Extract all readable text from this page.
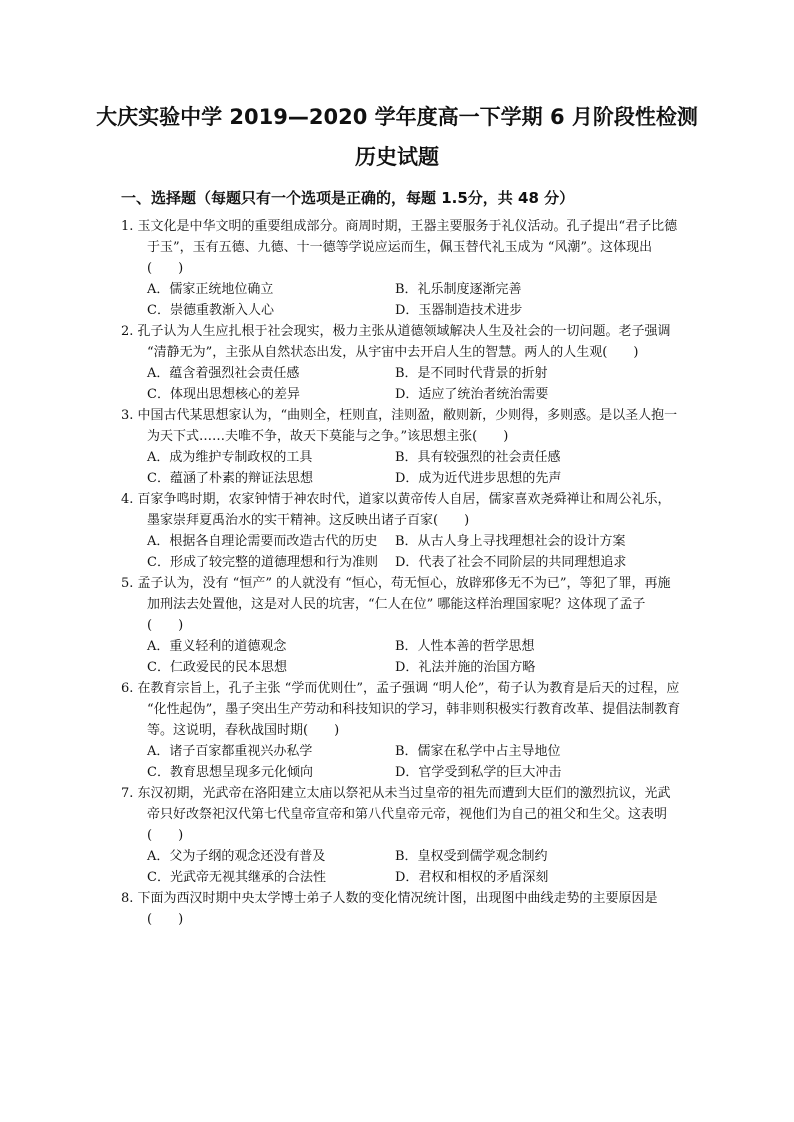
大庆实验中学 2019—2020 学年度高一下学期 6 月阶段性检测
历史试题

一、选择题（每题只有一个选项是正确的，每题 1.5分，共 48 分）

1. 玉文化是中华文明的重要组成部分。商周时期，王器主要服务于礼仪活动。孔子提出“君子比德于玉”，玉有五德、九德、十一德等学说应运而生，佩玉替代礼玉成为 “风潮”。这体现出(　　)

A．儒家正统地位确立	B．礼乐制度逐渐完善
C．崇德重教渐入人心	D．玉器制造技术进步

2. 孔子认为人生应扎根于社会现实，极力主张从道德领域解决人生及社会的一切问题。老子强调 “清静无为”，主张从自然状态出发，从宇宙中去开启人生的智慧。两人的人生观(　　)

A．蕴含着强烈社会责任感	B．是不同时代背景的折射
C．体现出思想核心的差异	D．适应了统治者统治需要

3. 中国古代某思想家认为，“曲则全，枉则直，洼则盈，敝则新，少则得，多则惑。是以圣人抱一为天下式……夫唯不争，故天下莫能与之争。”该思想主张(　　)

A．成为维护专制政权的工具	B．具有较强烈的社会责任感
C．蕴涵了朴素的辩证法思想	D．成为近代进步思想的先声

4. 百家争鸣时期，农家钟情于神农时代，道家以黄帝传人自居，儒家喜欢尧舜禅让和周公礼乐，墨家崇拜夏禹治水的实干精神。这反映出诸子百家(　　)

A．根据各自理论需要而改造古代的历史	B．从古人身上寻找理想社会的设计方案
C．形成了较完整的道德理想和行为准则	D．代表了社会不同阶层的共同理想追求

5. 孟子认为，没有 “恒产” 的人就没有 “恒心，苟无恒心，放辟邪侈无不为已”，等犯了罪，再施加刑法去处置他，这是对人民的坑害，“仁人在位” 哪能这样治理国家呢？这体现了孟子(　　)

A．重义轻利的道德观念	B．人性本善的哲学思想
C．仁政爱民的民本思想	D．礼法并施的治国方略

6. 在教育宗旨上，孔子主张 “学而优则仕”，孟子强调 “明人伦”，荀子认为教育是后天的过程，应 “化性起伪”，墨子突出生产劳动和科技知识的学习，韩非则积极实行教育改革、提倡法制教育等。这说明，春秋战国时期(　　)

A．诸子百家都重视兴办私学	B．儒家在私学中占主导地位
C．教育思想呈现多元化倾向	D．官学受到私学的巨大冲击

7. 东汉初期，光武帝在洛阳建立太庙以祭祀从未当过皇帝的祖先而遭到大臣们的激烈抗议，光武帝只好改祭祀汉代第七代皇帝宣帝和第八代皇帝元帝，视他们为自己的祖父和生父。这表明(　　)

A．父为子纲的观念还没有普及	B．皇权受到儒学观念制约
C．光武帝无视其继承的合法性	D．君权和相权的矛盾深刻

8. 下面为西汉时期中央太学博士弟子人数的变化情况统计图，出现图中曲线走势的主要原因是(　　)
